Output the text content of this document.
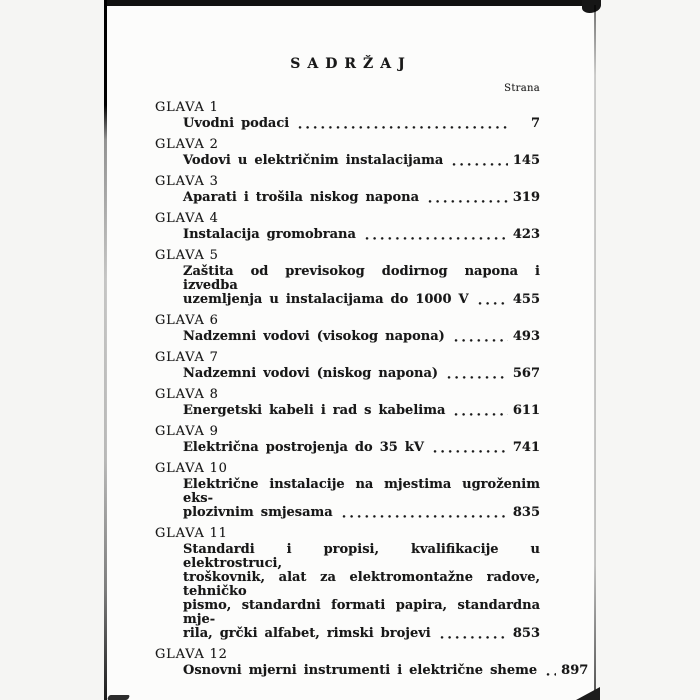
SADRŽAJ
Strana
GLAVA 1
Uvodni podaci	7
GLAVA 2
Vodovi u električnim instalacijama	145
GLAVA 3
Aparati i trošila niskog napona	319
GLAVA 4
Instalacija gromobrana	423
GLAVA 5
Zaštita od previsokog dodirnog napona i izvedba
uzemljenja u instalacijama do 1000 V	455
GLAVA 6
Nadzemni vodovi (visokog napona)	493
GLAVA 7
Nadzemni vodovi (niskog napona)	567
GLAVA 8
Energetski kabeli i rad s kabelima	611
GLAVA 9
Električna postrojenja do 35 kV	741
GLAVA 10
Električne instalacije na mjestima ugroženim eks-
plozivnim smjesama	835
GLAVA 11
Standardi i propisi, kvalifikacije u elektrostruci,
troškovnik, alat za elektromontažne radove, tehničko
pismo, standardni formati papira, standardna mje-
rila, grčki alfabet, rimski brojevi	853
GLAVA 12
Osnovni mjerni instrumenti i električne sheme 897
